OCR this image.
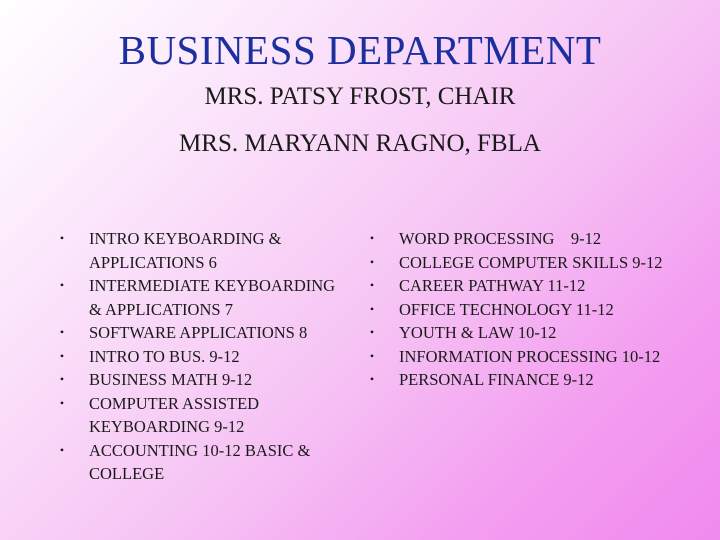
BUSINESS DEPARTMENT
MRS. PATSY FROST, CHAIR
MRS. MARYANN RAGNO, FBLA
• INTRO KEYBOARDING & APPLICATIONS 6
• INTERMEDIATE KEYBOARDING & APPLICATIONS 7
• SOFTWARE APPLICATIONS 8
• INTRO TO BUS. 9-12
• BUSINESS MATH 9-12
• COMPUTER ASSISTED KEYBOARDING 9-12
• ACCOUNTING 10-12 BASIC & COLLEGE
• WORD PROCESSING    9-12
• COLLEGE COMPUTER SKILLS 9-12
• CAREER PATHWAY 11-12
• OFFICE TECHNOLOGY 11-12
• YOUTH & LAW 10-12
• INFORMATION PROCESSING 10-12
• PERSONAL FINANCE 9-12
